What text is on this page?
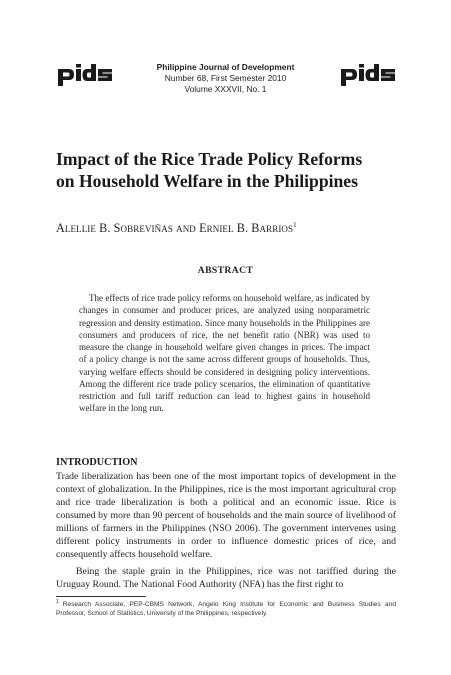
Philippine Journal of Development
Number 68, First Semester 2010
Volume XXXVII, No. 1
Impact of the Rice Trade Policy Reforms
on Household Welfare in the Philippines
Alellie B. Sobreviñas and Erniel B. Barrios$^1$
ABSTRACT

The effects of rice trade policy reforms on household welfare, as indicated by changes in consumer and producer prices, are analyzed using nonparametric regression and density estimation. Since many households in the Philippines are consumers and producers of rice, the net benefit ratio (NBR) was used to measure the change in household welfare given changes in prices. The impact of a policy change is not the same across different groups of households. Thus, varying welfare effects should be considered in designing policy interventions. Among the different rice trade policy scenarios, the elimination of quantitative restriction and full tariff reduction can lead to highest gains in household welfare in the long run.

INTRODUCTION

Trade liberalization has been one of the most important topics of development in the context of globalization. In the Philippines, rice is the most important agricultural crop and rice trade liberalization is both a political and an economic issue. Rice is consumed by more than 90 percent of households and the main source of livelihood of millions of farmers in the Philippines (NSO 2006). The government intervenes using different policy instruments in order to influence domestic prices of rice, and consequently affects household welfare.

Being the staple grain in the Philippines, rice was not tariffied during the Uruguay Round. The National Food Authority (NFA) has the first right to

$^1$ Research Associate, PEP-CBMS Network, Angelo King Institute for Economic and Business Studies and Professor, School of Statistics, University of the Philippines, respectively.
